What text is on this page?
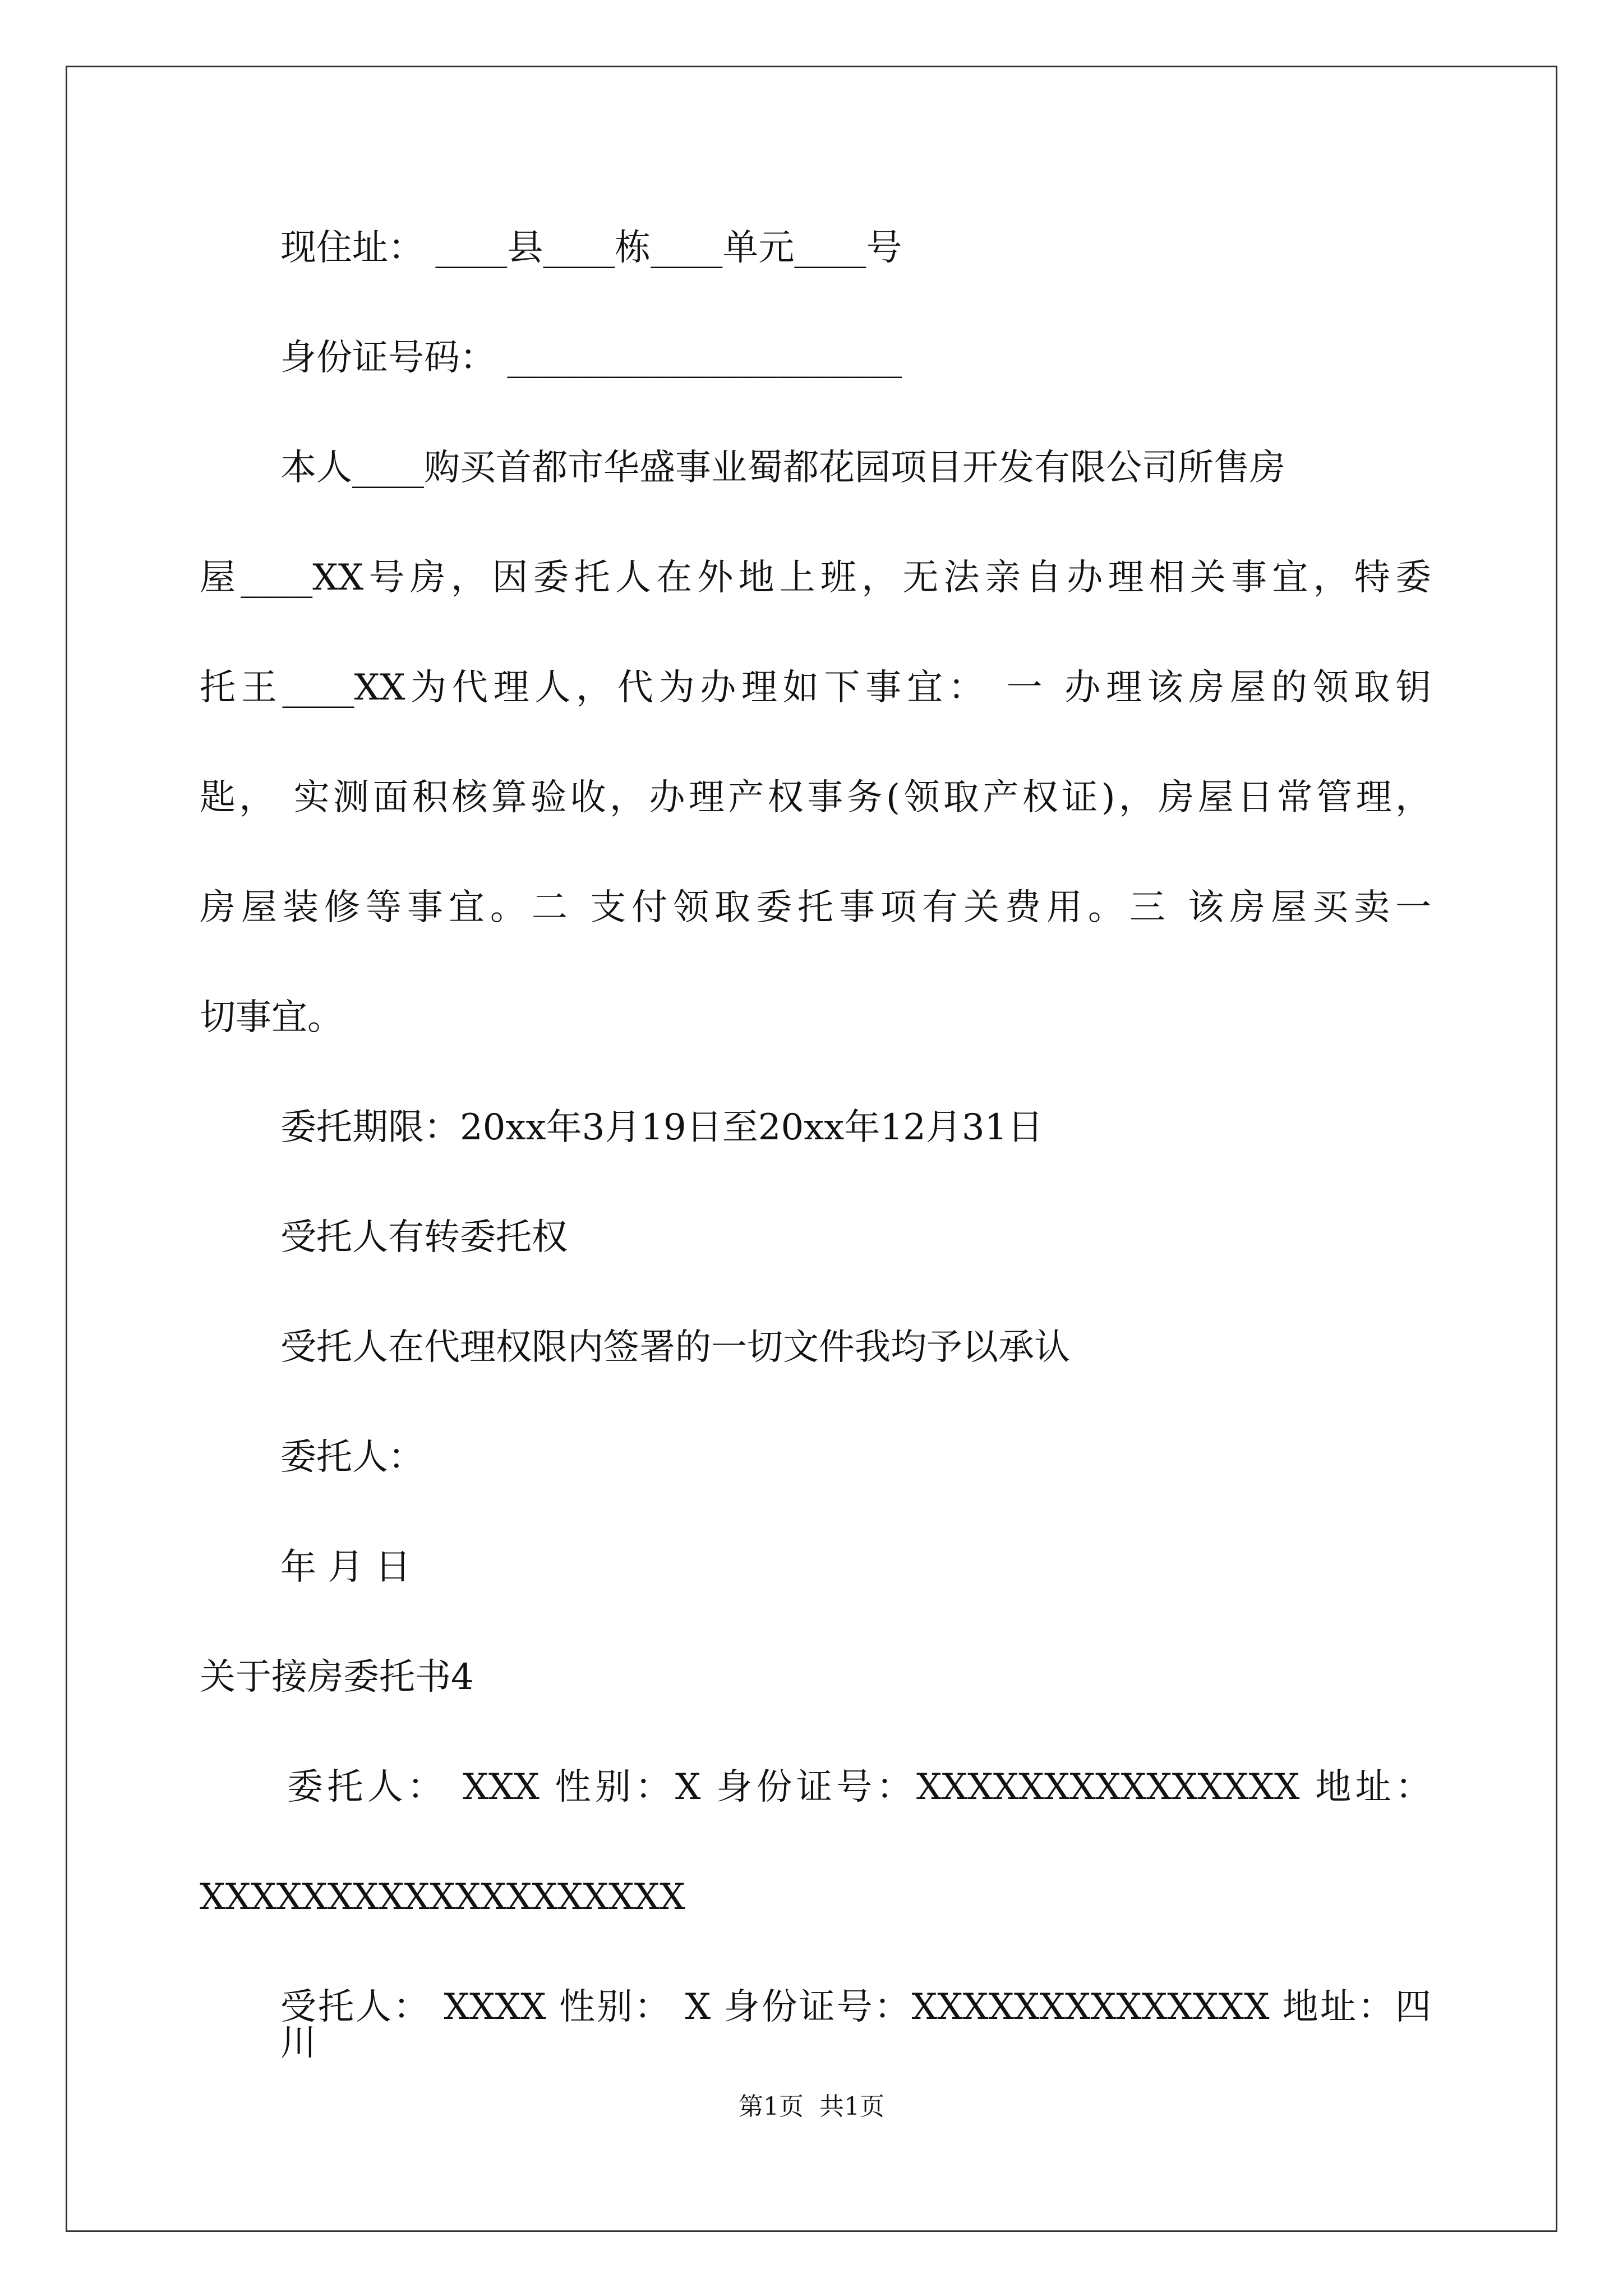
现住址： ____县____栋____单元____号
身份证号码： ______________________
本人____购买首都市华盛事业蜀都花园项目开发有限公司所售房
屋____XX号房，因委托人在外地上班，无法亲自办理相关事宜，特委
托王____XX为代理人，代为办理如下事宜： 一 办理该房屋的领取钥
匙， 实测面积核算验收，办理产权事务(领取产权证)，房屋日常管理，
房屋装修等事宜。二 支付领取委托事项有关费用。三 该房屋买卖一
切事宜。
委托期限：20xx年3月19日至20xx年12月31日
受托人有转委托权
受托人在代理权限内签署的一切文件我均予以承认
委托人：
年 月 日
关于接房委托书4
委托人： XXX 性别：X 身份证号：XXXXXXXXXXXXXXX 地址：
XXXXXXXXXXXXXXXXXXX
受托人： XXXX 性别： X 身份证号：XXXXXXXXXXXXXX 地址：四川
第1页  共1页
